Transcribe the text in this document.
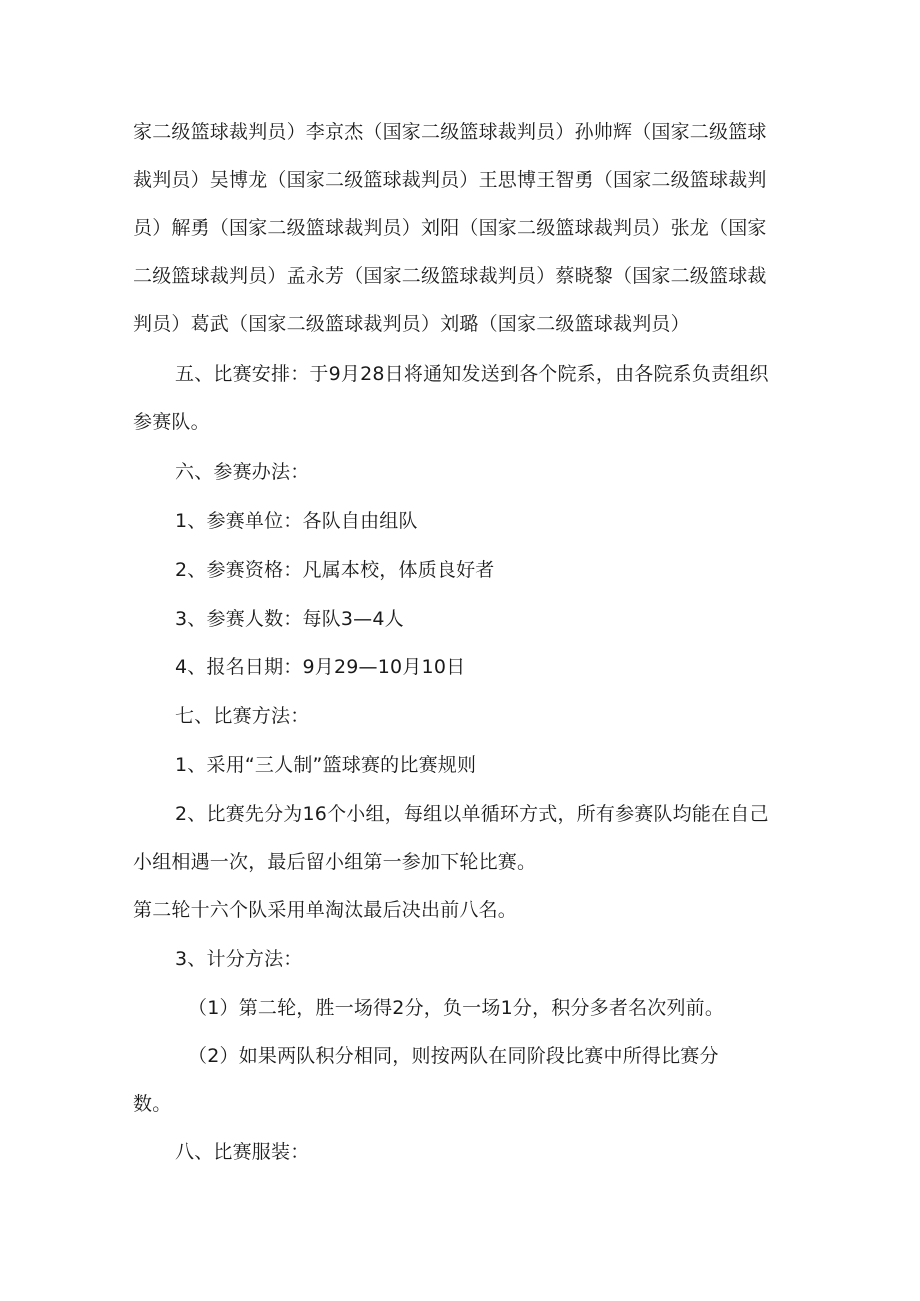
家二级篮球裁判员）李京杰（国家二级篮球裁判员）孙帅辉（国家二级篮球
裁判员）吴博龙（国家二级篮球裁判员）王思博王智勇（国家二级篮球裁判
员）解勇（国家二级篮球裁判员）刘阳（国家二级篮球裁判员）张龙（国家
二级篮球裁判员）孟永芳（国家二级篮球裁判员）蔡晓黎（国家二级篮球裁
判员）葛武（国家二级篮球裁判员）刘璐（国家二级篮球裁判员）
五、比赛安排：于9月28日将通知发送到各个院系，由各院系负责组织
参赛队。
六、参赛办法：
1、参赛单位：各队自由组队
2、参赛资格：凡属本校，体质良好者
3、参赛人数：每队3—4人
4、报名日期：9月29—10月10日
七、比赛方法：
1、采用“三人制”篮球赛的比赛规则
2、比赛先分为16个小组，每组以单循环方式，所有参赛队均能在自己
小组相遇一次，最后留小组第一参加下轮比赛。
第二轮十六个队采用单淘汰最后决出前八名。
3、计分方法：
（1）第二轮，胜一场得2分，负一场1分，积分多者名次列前。
（2）如果两队积分相同，则按两队在同阶段比赛中所得比赛分
数。
八、比赛服装：
